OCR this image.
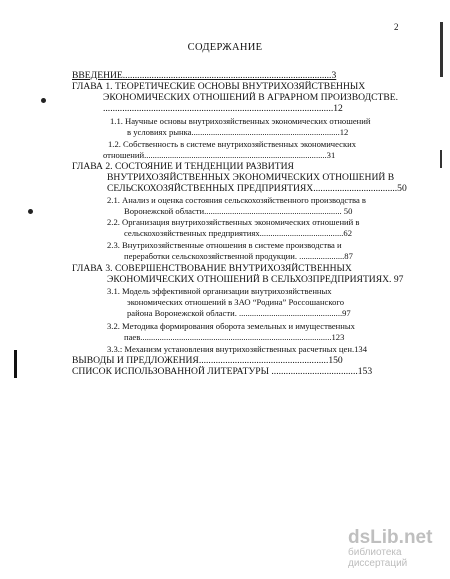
2
СОДЕРЖАНИЕ
ВВЕДЕНИЕ.......................................................................................3
ГЛАВА 1. ТЕОРЕТИЧЕСКИЕ ОСНОВЫ ВНУТРИХОЗЯЙСТВЕННЫХ
ЭКОНОМИЧЕСКИХ ОТНОШЕНИЙ В АГРАРНОМ ПРОИЗВОДСТВЕ.
................................................................................................12
1.1. Научные основы внутрихозяйственных экономических отношений
в условиях рынка.....................................................................12
1.2. Собственность в системе внутрихозяйственных экономических
отношений.....................................................................................31
ГЛАВА 2. СОСТОЯНИЕ И ТЕНДЕНЦИИ РАЗВИТИЯ
ВНУТРИХОЗЯЙСТВЕННЫХ ЭКОНОМИЧЕСКИХ ОТНОШЕНИЙ В
СЕЛЬСКОХОЗЯЙСТВЕННЫХ ПРЕДПРИЯТИЯХ...................................50
2.1. Анализ и оценка состояния сельскохозяйственного производства в
Воронежской области................................................................ 50
2.2. Организация внутрихозяйственных экономических отношений в
сельскохозяйственных предприятиях.......................................62
2.3. Внутрихозяйственные отношения в системе производства и
переработки сельскохозяйственной продукции. .....................87
ГЛАВА 3. СОВЕРШЕНСТВОВАНИЕ ВНУТРИХОЗЯЙСТВЕННЫХ
ЭКОНОМИЧЕСКИХ ОТНОШЕНИЙ В СЕЛЬХОЗПРЕДПРИЯТИЯХ. 97
3.1. Модель эффективной организации внутрихозяйственных
экономических отношений в ЗАО “Родина” Россошанского
района Воронежской области. ................................................97
3.2. Методика формирования оборота земельных и имущественных
паев.........................................................................................123
3.3.: Механизм установления внутрихозяйственных расчетных цен.134
ВЫВОДЫ И ПРЕДЛОЖЕНИЯ......................................................150
СПИСОК ИСПОЛЬЗОВАННОЙ ЛИТЕРАТУРЫ ....................................153
dsLib.net
библиотека диссертаций
